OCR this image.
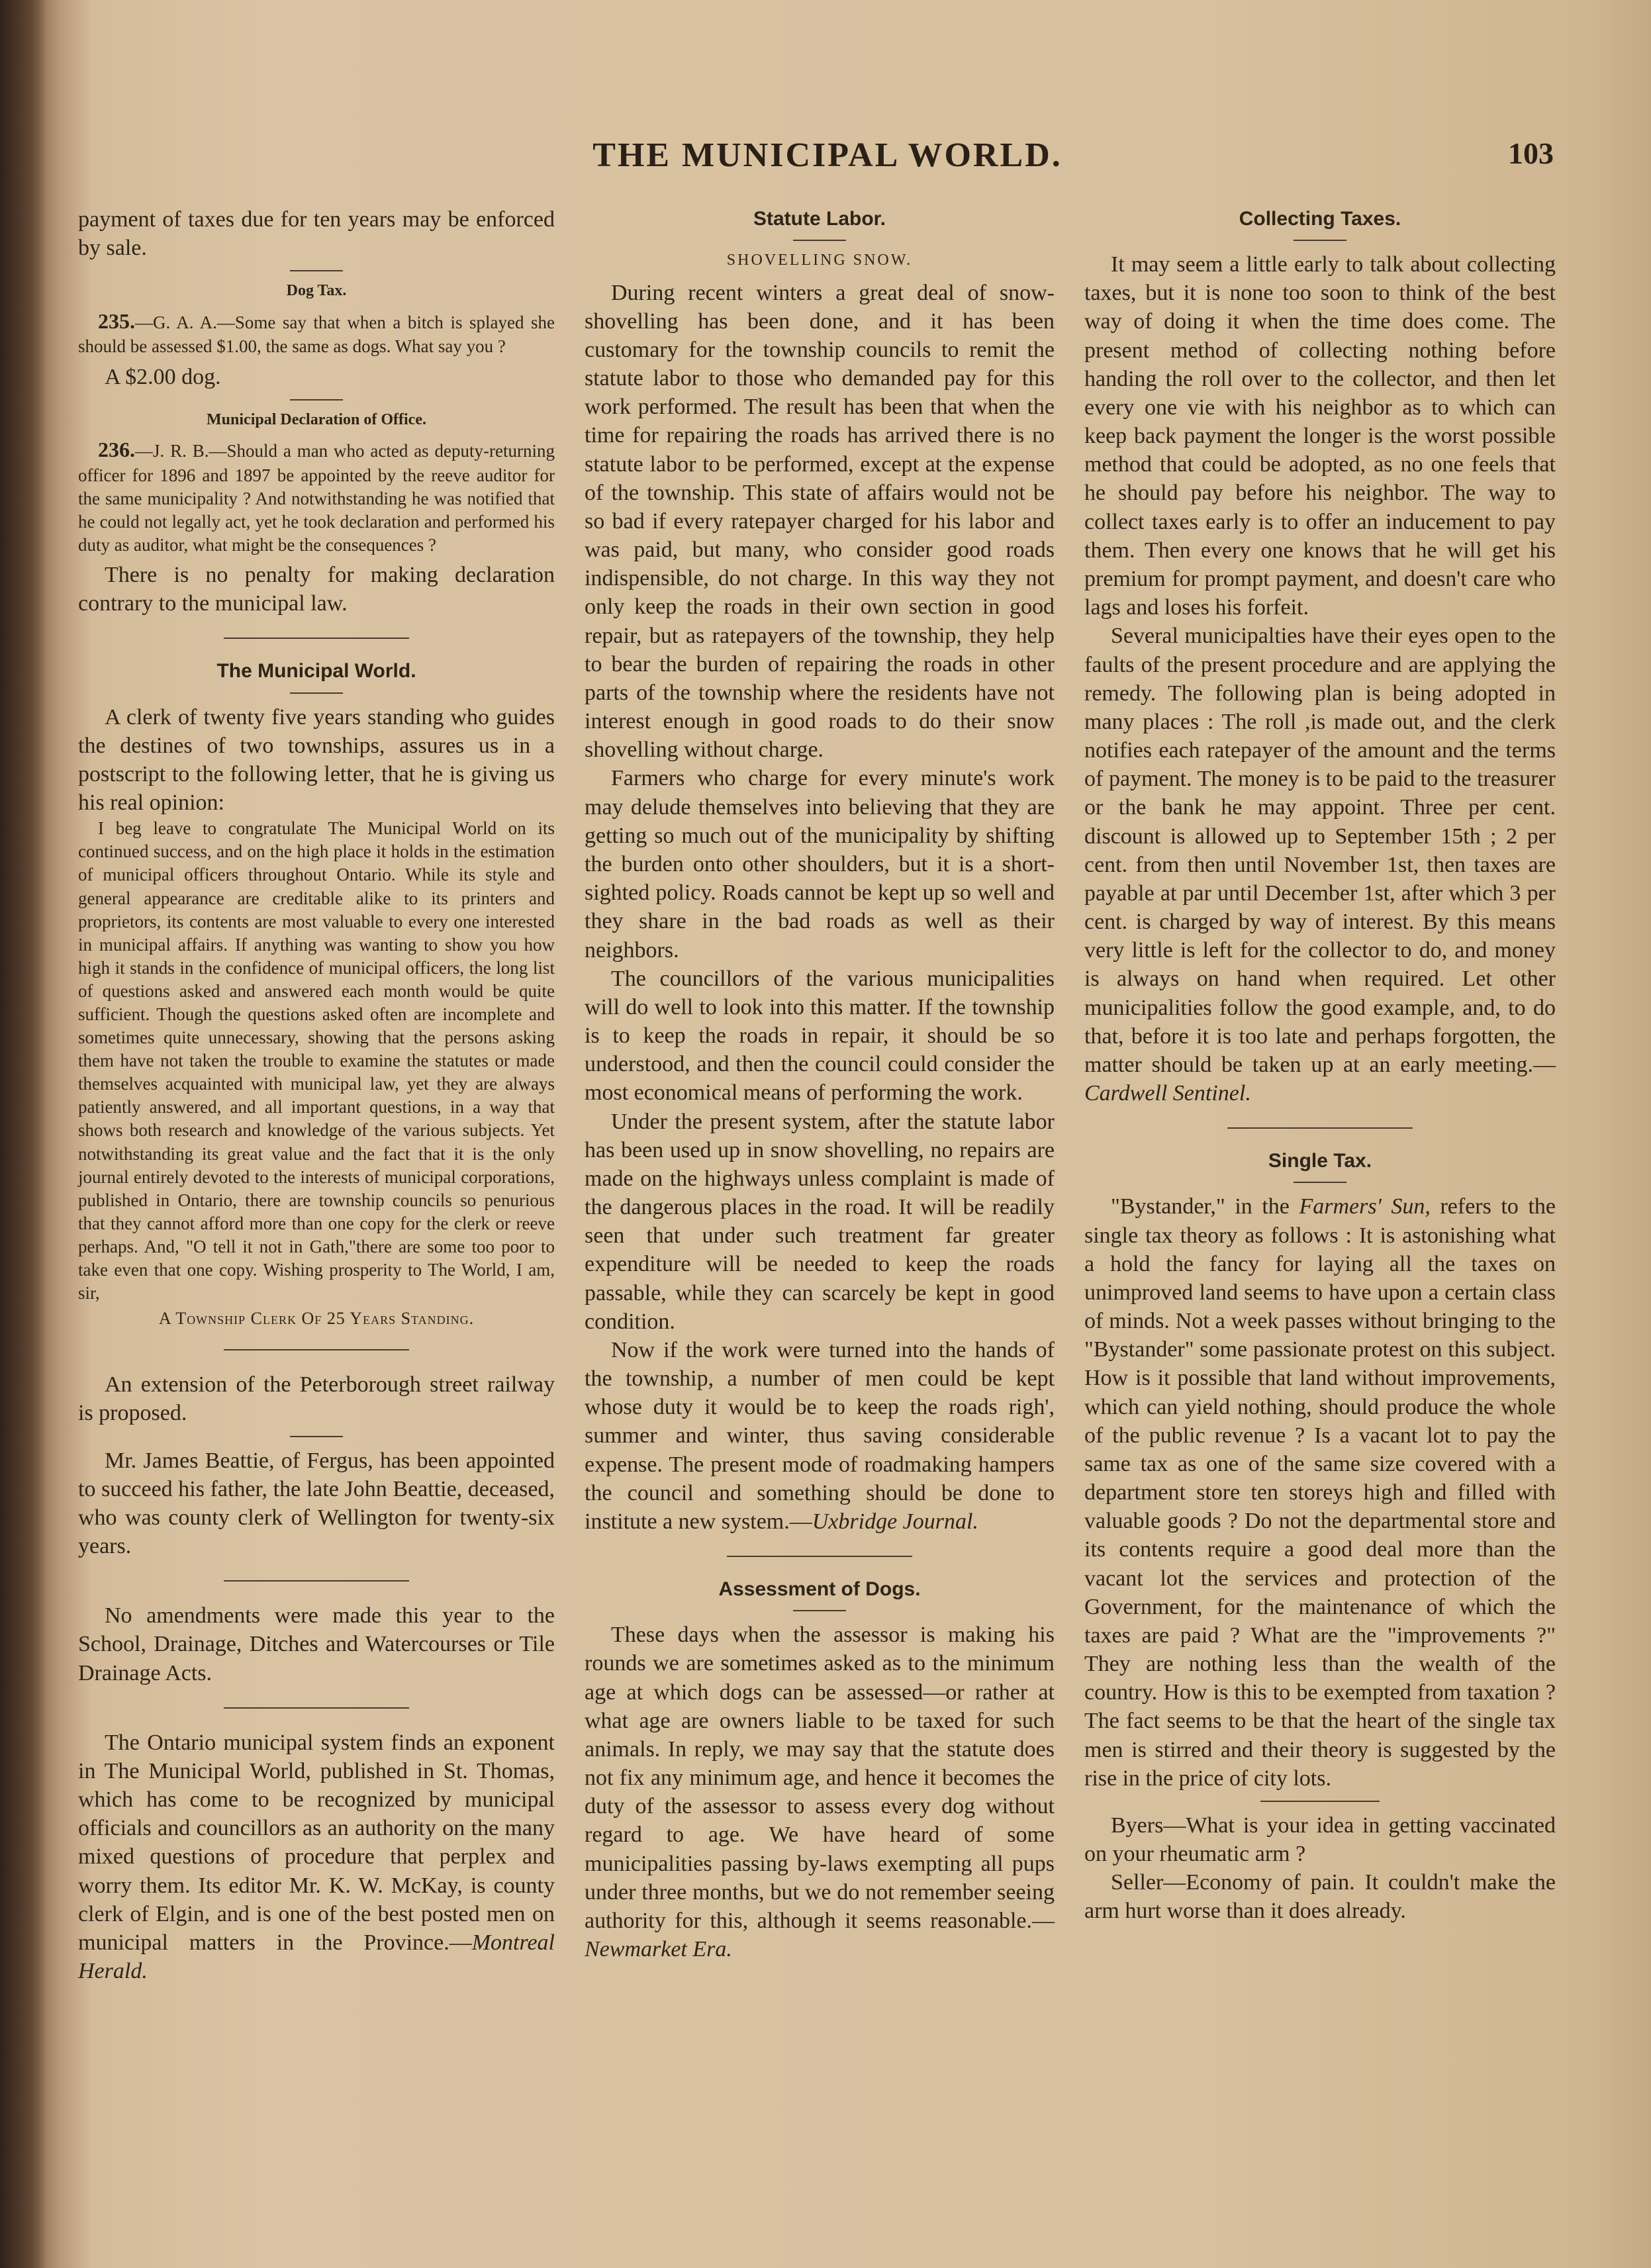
THE MUNICIPAL WORLD.	103

payment of taxes due for ten years may be enforced by sale.

Dog Tax.

235.—G. A. A.—Some say that when a bitch is splayed she should be assessed $1.00, the same as dogs. What say you ?

A $2.00 dog.

Municipal Declaration of Office.

236.—J. R. B.—Should a man who acted as deputy-returning officer for 1896 and 1897 be appointed by the reeve auditor for the same municipality ? And notwithstanding he was notified that he could not legally act, yet he took declaration and performed his duty as auditor, what might be the consequences ?

There is no penalty for making declaration contrary to the municipal law.

The Municipal World.

A clerk of twenty five years standing who guides the destines of two townships, assures us in a postscript to the following letter, that he is giving us his real opinion:

I beg leave to congratulate The Municipal World on its continued success, and on the high place it holds in the estimation of municipal officers throughout Ontario. While its style and general appearance are creditable alike to its printers and proprietors, its contents are most valuable to every one interested in municipal affairs. If anything was wanting to show you how high it stands in the confidence of municipal officers, the long list of questions asked and answered each month would be quite sufficient. Though the questions asked often are incomplete and sometimes quite unnecessary, showing that the persons asking them have not taken the trouble to examine the statutes or made themselves acquainted with municipal law, yet they are always patiently answered, and all important questions, in a way that shows both research and knowledge of the various subjects. Yet notwithstanding its great value and the fact that it is the only journal entirely devoted to the interests of municipal corporations, published in Ontario, there are township councils so penurious that they cannot afford more than one copy for the clerk or reeve perhaps. And, "O tell it not in Gath,"there are some too poor to take even that one copy. Wishing prosperity to The World, I am, sir,

A Township Clerk Of 25 Years Standing.

An extension of the Peterborough street railway is proposed.

Mr. James Beattie, of Fergus, has been appointed to succeed his father, the late John Beattie, deceased, who was county clerk of Wellington for twenty-six years.

No amendments were made this year to the School, Drainage, Ditches and Watercourses or Tile Drainage Acts.

The Ontario municipal system finds an exponent in The Municipal World, published in St. Thomas, which has come to be recognized by municipal officials and councillors as an authority on the many mixed questions of procedure that perplex and worry them. Its editor Mr. K. W. McKay, is county clerk of Elgin, and is one of the best posted men on municipal matters in the Province.—Montreal Herald.

Statute Labor.
SHOVELLING SNOW.

During recent winters a great deal of snow-shovelling has been done, and it has been customary for the township councils to remit the statute labor to those who demanded pay for this work performed. The result has been that when the time for repairing the roads has arrived there is no statute labor to be performed, except at the expense of the township. This state of affairs would not be so bad if every ratepayer charged for his labor and was paid, but many, who consider good roads indispensible, do not charge. In this way they not only keep the roads in their own section in good repair, but as ratepayers of the township, they help to bear the burden of repairing the roads in other parts of the township where the residents have not interest enough in good roads to do their snow shovelling without charge.

Farmers who charge for every minute's work may delude themselves into believing that they are getting so much out of the municipality by shifting the burden onto other shoulders, but it is a short-sighted policy. Roads cannot be kept up so well and they share in the bad roads as well as their neighbors.

The councillors of the various municipalities will do well to look into this matter. If the township is to keep the roads in repair, it should be so understood, and then the council could consider the most economical means of performing the work.

Under the present system, after the statute labor has been used up in snow shovelling, no repairs are made on the highways unless complaint is made of the dangerous places in the road. It will be readily seen that under such treatment far greater expenditure will be needed to keep the roads passable, while they can scarcely be kept in good condition.

Now if the work were turned into the hands of the township, a number of men could be kept whose duty it would be to keep the roads righ', summer and winter, thus saving considerable expense. The present mode of roadmaking hampers the council and something should be done to institute a new system.—Uxbridge Journal.

Assessment of Dogs.

These days when the assessor is making his rounds we are sometimes asked as to the minimum age at which dogs can be assessed—or rather at what age are owners liable to be taxed for such animals. In reply, we may say that the statute does not fix any minimum age, and hence it becomes the duty of the assessor to assess every dog without regard to age. We have heard of some municipalities passing by-laws exempting all pups under three months, but we do not remember seeing authority for this, although it seems reasonable.—Newmarket Era.

Collecting Taxes.

It may seem a little early to talk about collecting taxes, but it is none too soon to think of the best way of doing it when the time does come. The present method of collecting nothing before handing the roll over to the collector, and then let every one vie with his neighbor as to which can keep back payment the longer is the worst possible method that could be adopted, as no one feels that he should pay before his neighbor. The way to collect taxes early is to offer an inducement to pay them. Then every one knows that he will get his premium for prompt payment, and doesn't care who lags and loses his forfeit.

Several municipalties have their eyes open to the faults of the present procedure and are applying the remedy. The following plan is being adopted in many places : The roll ,is made out, and the clerk notifies each ratepayer of the amount and the terms of payment. The money is to be paid to the treasurer or the bank he may appoint. Three per cent. discount is allowed up to September 15th ; 2 per cent. from then until November 1st, then taxes are payable at par until December 1st, after which 3 per cent. is charged by way of interest. By this means very little is left for the collector to do, and money is always on hand when required. Let other municipalities follow the good example, and, to do that, before it is too late and perhaps forgotten, the matter should be taken up at an early meeting.—Cardwell Sentinel.

Single Tax.

"Bystander," in the Farmers' Sun, refers to the single tax theory as follows : It is astonishing what a hold the fancy for laying all the taxes on unimproved land seems to have upon a certain class of minds. Not a week passes without bringing to the "Bystander" some passionate protest on this subject. How is it possible that land without improvements, which can yield nothing, should produce the whole of the public revenue ? Is a vacant lot to pay the same tax as one of the same size covered with a department store ten storeys high and filled with valuable goods ? Do not the departmental store and its contents require a good deal more than the vacant lot the services and protection of the Government, for the maintenance of which the taxes are paid ? What are the "improvements ?" They are nothing less than the wealth of the country. How is this to be exempted from taxation ? The fact seems to be that the heart of the single tax men is stirred and their theory is suggested by the rise in the price of city lots.

Byers—What is your idea in getting vaccinated on your rheumatic arm ?

Seller—Economy of pain. It couldn't make the arm hurt worse than it does already.
